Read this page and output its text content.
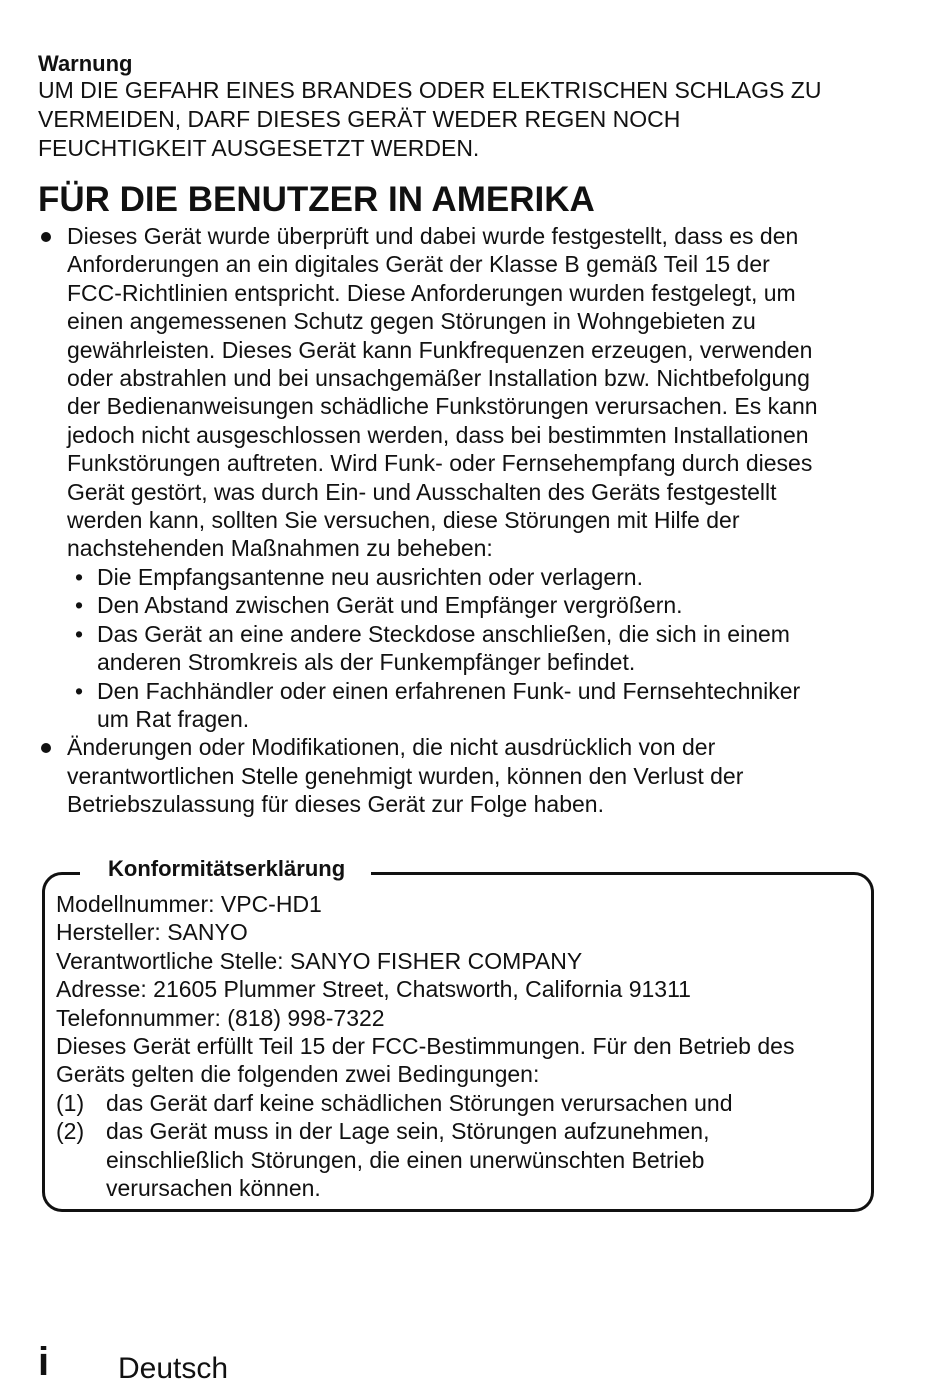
Warnung
UM DIE GEFAHR EINES BRANDES ODER ELEKTRISCHEN SCHLAGS ZU
VERMEIDEN, DARF DIESES GERÄT WEDER REGEN NOCH
FEUCHTIGKEIT AUSGESETZT WERDEN.
FÜR DIE BENUTZER IN AMERIKA
Dieses Gerät wurde überprüft und dabei wurde festgestellt, dass es den
Anforderungen an ein digitales Gerät der Klasse B gemäß Teil 15 der
FCC-Richtlinien entspricht. Diese Anforderungen wurden festgelegt, um
einen angemessenen Schutz gegen Störungen in Wohngebieten zu
gewährleisten. Dieses Gerät kann Funkfrequenzen erzeugen, verwenden
oder abstrahlen und bei unsachgemäßer Installation bzw. Nichtbefolgung
der Bedienanweisungen schädliche Funkstörungen verursachen. Es kann
jedoch nicht ausgeschlossen werden, dass bei bestimmten Installationen
Funkstörungen auftreten. Wird Funk- oder Fernsehempfang durch dieses
Gerät gestört, was durch Ein- und Ausschalten des Geräts festgestellt
werden kann, sollten Sie versuchen, diese Störungen mit Hilfe der
nachstehenden Maßnahmen zu beheben:
• Die Empfangsantenne neu ausrichten oder verlagern.
• Den Abstand zwischen Gerät und Empfänger vergrößern.
• Das Gerät an eine andere Steckdose anschließen, die sich in einem
anderen Stromkreis als der Funkempfänger befindet.
• Den Fachhändler oder einen erfahrenen Funk- und Fernsehtechniker
um Rat fragen.
Änderungen oder Modifikationen, die nicht ausdrücklich von der
verantwortlichen Stelle genehmigt wurden, können den Verlust der
Betriebszulassung für dieses Gerät zur Folge haben.
Konformitätserklärung
Modellnummer: VPC-HD1
Hersteller: SANYO
Verantwortliche Stelle: SANYO FISHER COMPANY
Adresse: 21605 Plummer Street, Chatsworth, California 91311
Telefonnummer: (818) 998-7322
Dieses Gerät erfüllt Teil 15 der FCC-Bestimmungen. Für den Betrieb des
Geräts gelten die folgenden zwei Bedingungen:
(1) das Gerät darf keine schädlichen Störungen verursachen und
(2) das Gerät muss in der Lage sein, Störungen aufzunehmen,
einschließlich Störungen, die einen unerwünschten Betrieb
verursachen können.
i Deutsch
